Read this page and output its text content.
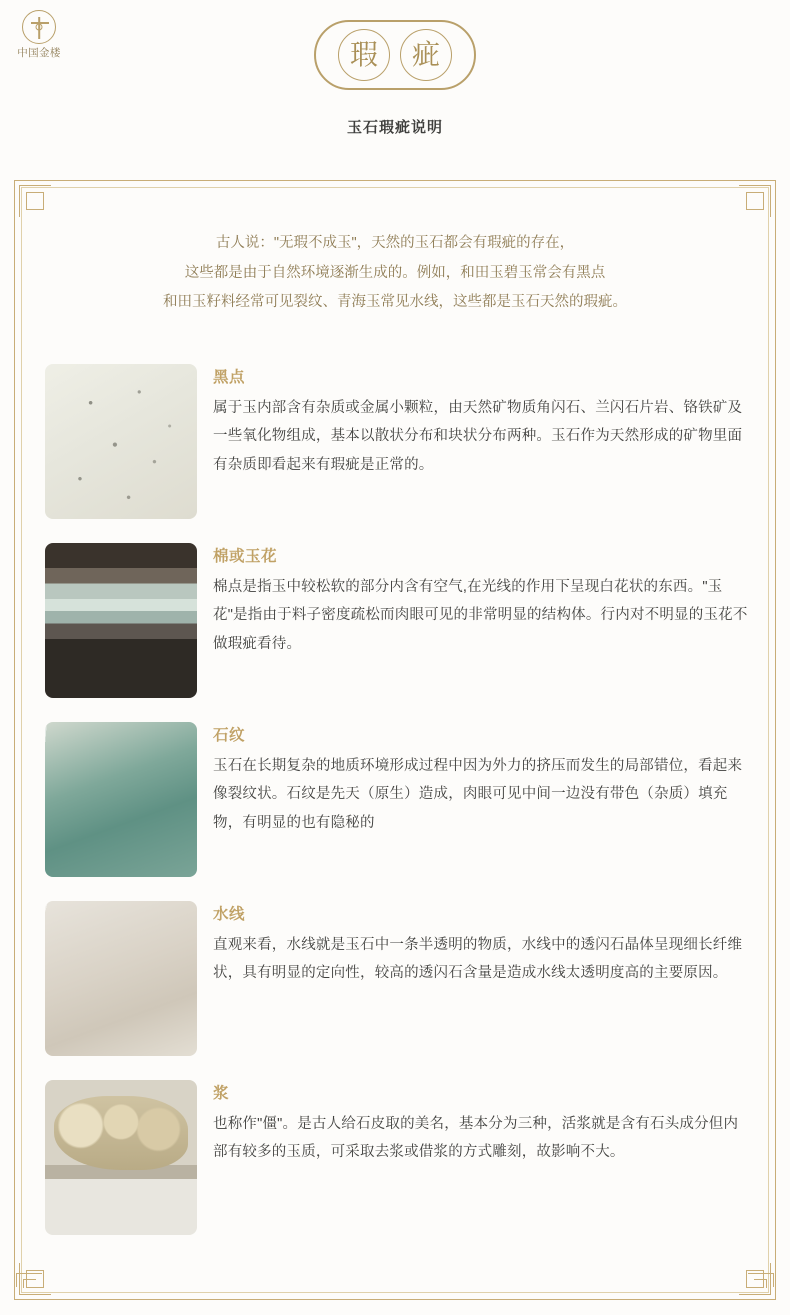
中国金楼	瑕	疵
玉石瑕疵说明

古人说："无瑕不成玉"，天然的玉石都会有瑕疵的存在，

这些都是由于自然环境逐渐生成的。例如，和田玉碧玉常会有黑点

和田玉籽料经常可见裂纹、青海玉常见水线，这些都是玉石天然的瑕疵。

黑点
属于玉内部含有杂质或金属小颗粒，由天然矿物质角闪石、兰闪石片岩、铬铁矿及一些氧化物组成，基本以散状分布和块状分布两种。玉石作为天然形成的矿物里面有杂质即看起来有瑕疵是正常的。
棉或玉花
棉点是指玉中较松软的部分内含有空气,在光线的作用下呈现白花状的东西。"玉花"是指由于料子密度疏松而肉眼可见的非常明显的结构体。行内对不明显的玉花不做瑕疵看待。
石纹
玉石在长期复杂的地质环境形成过程中因为外力的挤压而发生的局部错位，看起来像裂纹状。石纹是先天（原生）造成，肉眼可见中间一边没有带色（杂质）填充物，有明显的也有隐秘的
水线
直观来看，水线就是玉石中一条半透明的物质，水线中的透闪石晶体呈现细长纤维状，具有明显的定向性，较高的透闪石含量是造成水线太透明度高的主要原因。
浆
也称作"僵"。是古人给石皮取的美名，基本分为三种，活浆就是含有石头成分但内部有较多的玉质，可采取去浆或借浆的方式雕刻，故影响不大。
